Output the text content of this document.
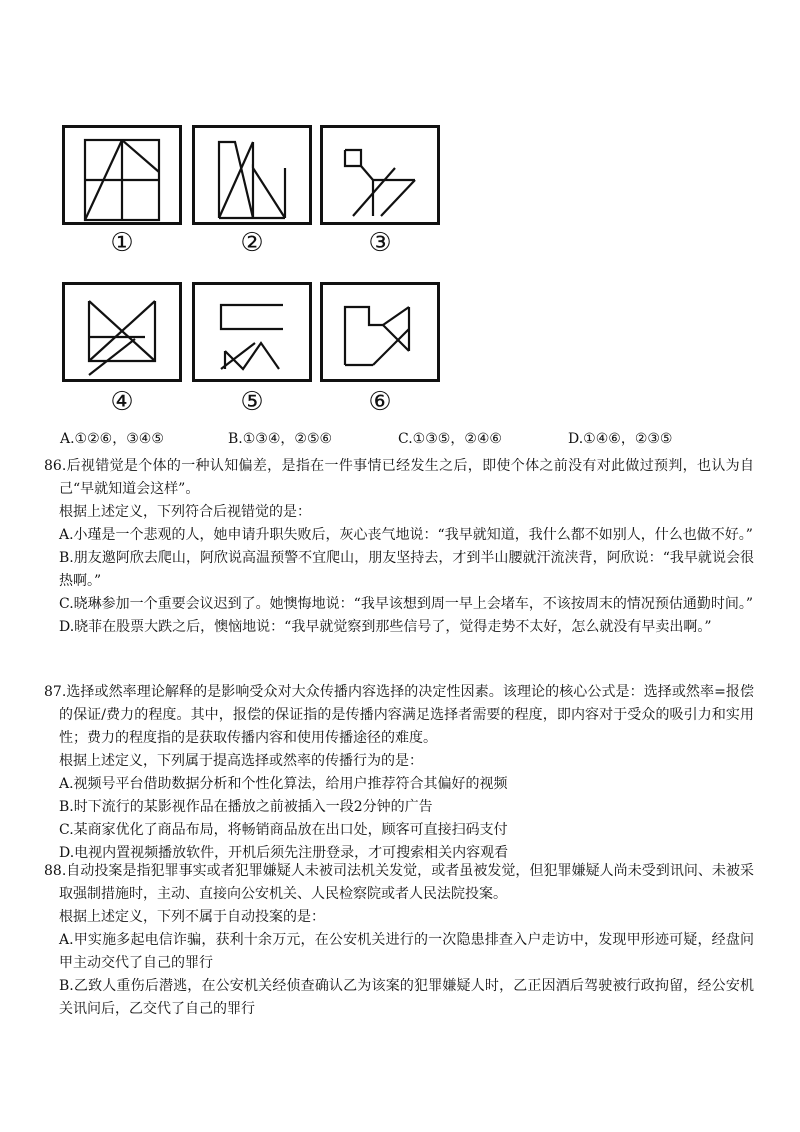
①	②	③
④	⑤	⑥
A.①②⑥，③④⑤	B.①③④，②⑤⑥	C.①③⑤，②④⑥	D.①④⑥，②③⑤

86.后视错觉是个体的一种认知偏差，是指在一件事情已经发生之后，即使个体之前没有对此做过预判，也认为自己“早就知道会这样”。

根据上述定义，下列符合后视错觉的是：

A.小瑾是一个悲观的人，她申请升职失败后，灰心丧气地说：“我早就知道，我什么都不如别人，什么也做不好。”

B.朋友邀阿欣去爬山，阿欣说高温预警不宜爬山，朋友坚持去，才到半山腰就汗流浃背，阿欣说：“我早就说会很热啊。”

C.晓琳参加一个重要会议迟到了。她懊悔地说：“我早该想到周一早上会堵车，不该按周末的情况预估通勤时间。”

D.晓菲在股票大跌之后，懊恼地说：“我早就觉察到那些信号了，觉得走势不太好，怎么就没有早卖出啊。”

87.选择或然率理论解释的是影响受众对大众传播内容选择的决定性因素。该理论的核心公式是：选择或然率=报偿的保证/费力的程度。其中，报偿的保证指的是传播内容满足选择者需要的程度，即内容对于受众的吸引力和实用性；费力的程度指的是获取传播内容和使用传播途径的难度。

根据上述定义，下列属于提高选择或然率的传播行为的是：

A.视频号平台借助数据分析和个性化算法，给用户推荐符合其偏好的视频

B.时下流行的某影视作品在播放之前被插入一段2分钟的广告

C.某商家优化了商品布局，将畅销商品放在出口处，顾客可直接扫码支付

D.电视内置视频播放软件，开机后须先注册登录，才可搜索相关内容观看

88.自动投案是指犯罪事实或者犯罪嫌疑人未被司法机关发觉，或者虽被发觉，但犯罪嫌疑人尚未受到讯问、未被采取强制措施时，主动、直接向公安机关、人民检察院或者人民法院投案。

根据上述定义，下列不属于自动投案的是：

A.甲实施多起电信诈骗，获利十余万元，在公安机关进行的一次隐患排查入户走访中，发现甲形迹可疑，经盘问甲主动交代了自己的罪行

B.乙致人重伤后潜逃，在公安机关经侦查确认乙为该案的犯罪嫌疑人时，乙正因酒后驾驶被行政拘留，经公安机关讯问后，乙交代了自己的罪行
